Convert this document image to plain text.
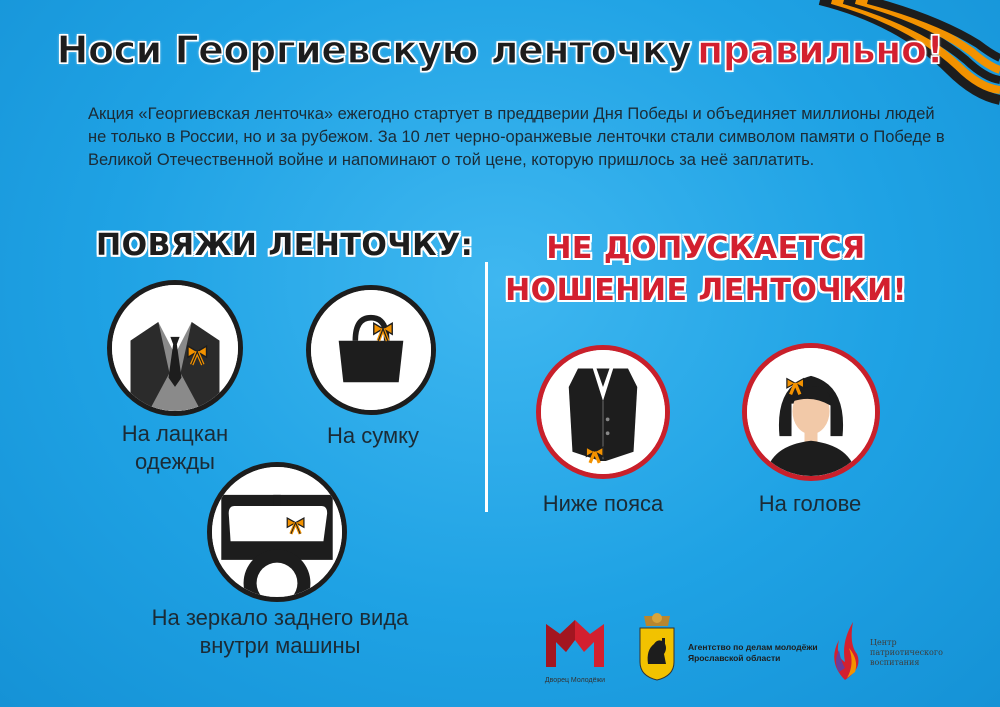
Носи Георгиевскую ленточку правильно!

Акция «Георгиевская ленточка» ежегодно стартует в преддверии Дня Победы и объединяет миллионы людей не только в России, но и за рубежом. За 10 лет черно-оранжевые ленточки стали символом памяти о Победе в Великой Отечественной войне и напоминают о той цене, которую пришлось за неё заплатить.

ПОВЯЖИ ЛЕНТОЧКУ:	НЕ ДОПУСКАЕТСЯ
НОШЕНИЕ ЛЕНТОЧКИ!
На лацкан одежды
На сумку
На зеркало заднего вида внутри машины
Ниже пояса	На голове
Дворец Молодёжи
Агентство по делам молодёжи
Ярославской области
Центр
патриотического
воспитания
